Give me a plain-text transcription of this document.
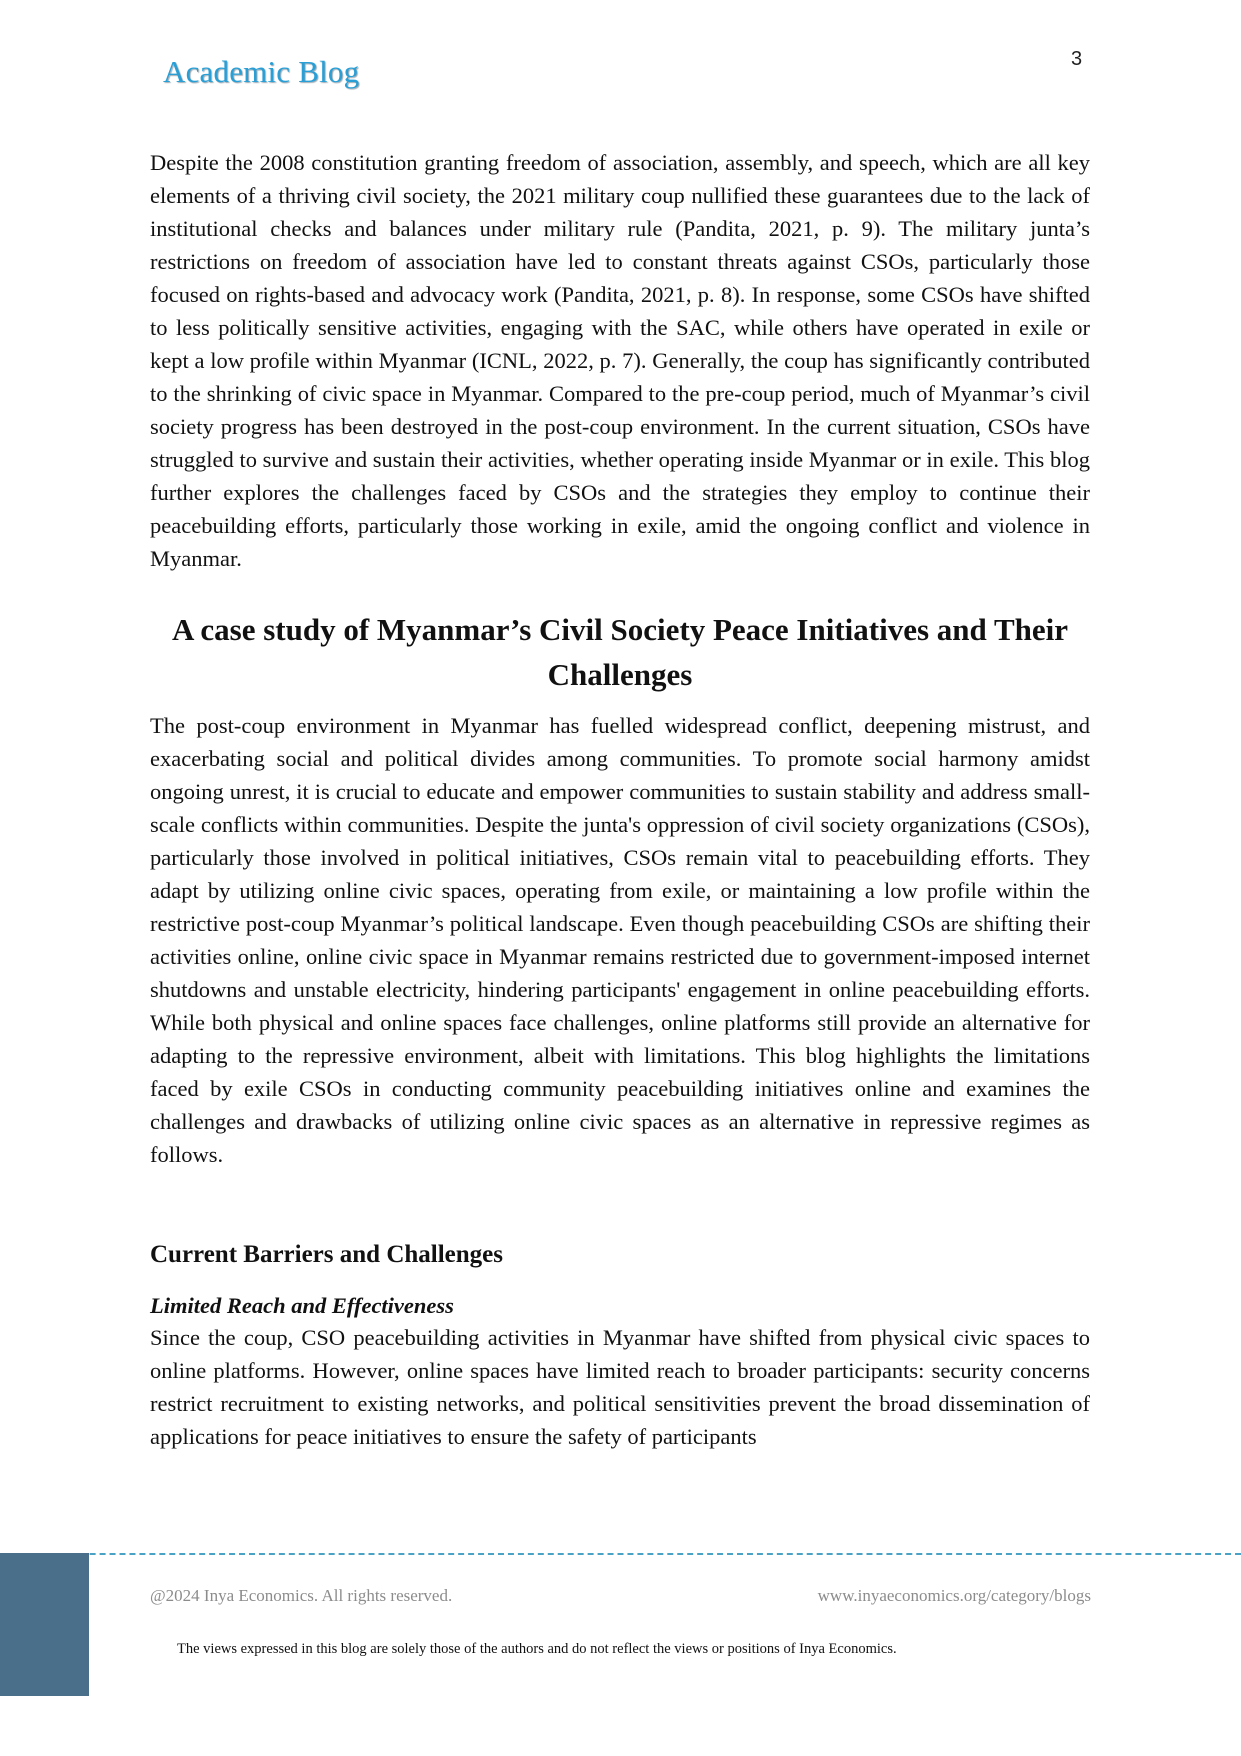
Academic Blog	3

Despite the 2008 constitution granting freedom of association, assembly, and speech, which are all key elements of a thriving civil society, the 2021 military coup nullified these guarantees due to the lack of institutional checks and balances under military rule (Pandita, 2021, p. 9). The military junta’s restrictions on freedom of association have led to constant threats against CSOs, particularly those focused on rights-based and advocacy work (Pandita, 2021, p. 8). In response, some CSOs have shifted to less politically sensitive activities, engaging with the SAC, while others have operated in exile or kept a low profile within Myanmar (ICNL, 2022, p. 7). Generally, the coup has significantly contributed to the shrinking of civic space in Myanmar. Compared to the pre-coup period, much of Myanmar’s civil society progress has been destroyed in the post-coup environment. In the current situation, CSOs have struggled to survive and sustain their activities, whether operating inside Myanmar or in exile. This blog further explores the challenges faced by CSOs and the strategies they employ to continue their peacebuilding efforts, particularly those working in exile, amid the ongoing conflict and violence in Myanmar.

A case study of Myanmar’s Civil Society Peace Initiatives and Their Challenges

The post-coup environment in Myanmar has fuelled widespread conflict, deepening mistrust, and exacerbating social and political divides among communities. To promote social harmony amidst ongoing unrest, it is crucial to educate and empower communities to sustain stability and address small-scale conflicts within communities. Despite the junta's oppression of civil society organizations (CSOs), particularly those involved in political initiatives, CSOs remain vital to peacebuilding efforts. They adapt by utilizing online civic spaces, operating from exile, or maintaining a low profile within the restrictive post-coup Myanmar’s political landscape. Even though peacebuilding CSOs are shifting their activities online, online civic space in Myanmar remains restricted due to government-imposed internet shutdowns and unstable electricity, hindering participants' engagement in online peacebuilding efforts. While both physical and online spaces face challenges, online platforms still provide an alternative for adapting to the repressive environment, albeit with limitations. This blog highlights the limitations faced by exile CSOs in conducting community peacebuilding initiatives online and examines the challenges and drawbacks of utilizing online civic spaces as an alternative in repressive regimes as follows.

Current Barriers and Challenges
Limited Reach and Effectiveness

Since the coup, CSO peacebuilding activities in Myanmar have shifted from physical civic spaces to online platforms. However, online spaces have limited reach to broader participants: security concerns restrict recruitment to existing networks, and political sensitivities prevent the broad dissemination of applications for peace initiatives to ensure the safety of participants

@2024 Inya Economics. All rights reserved.	www.inyaeconomics.org/category/blogs
The views expressed in this blog are solely those of the authors and do not reflect the views or positions of Inya Economics.
